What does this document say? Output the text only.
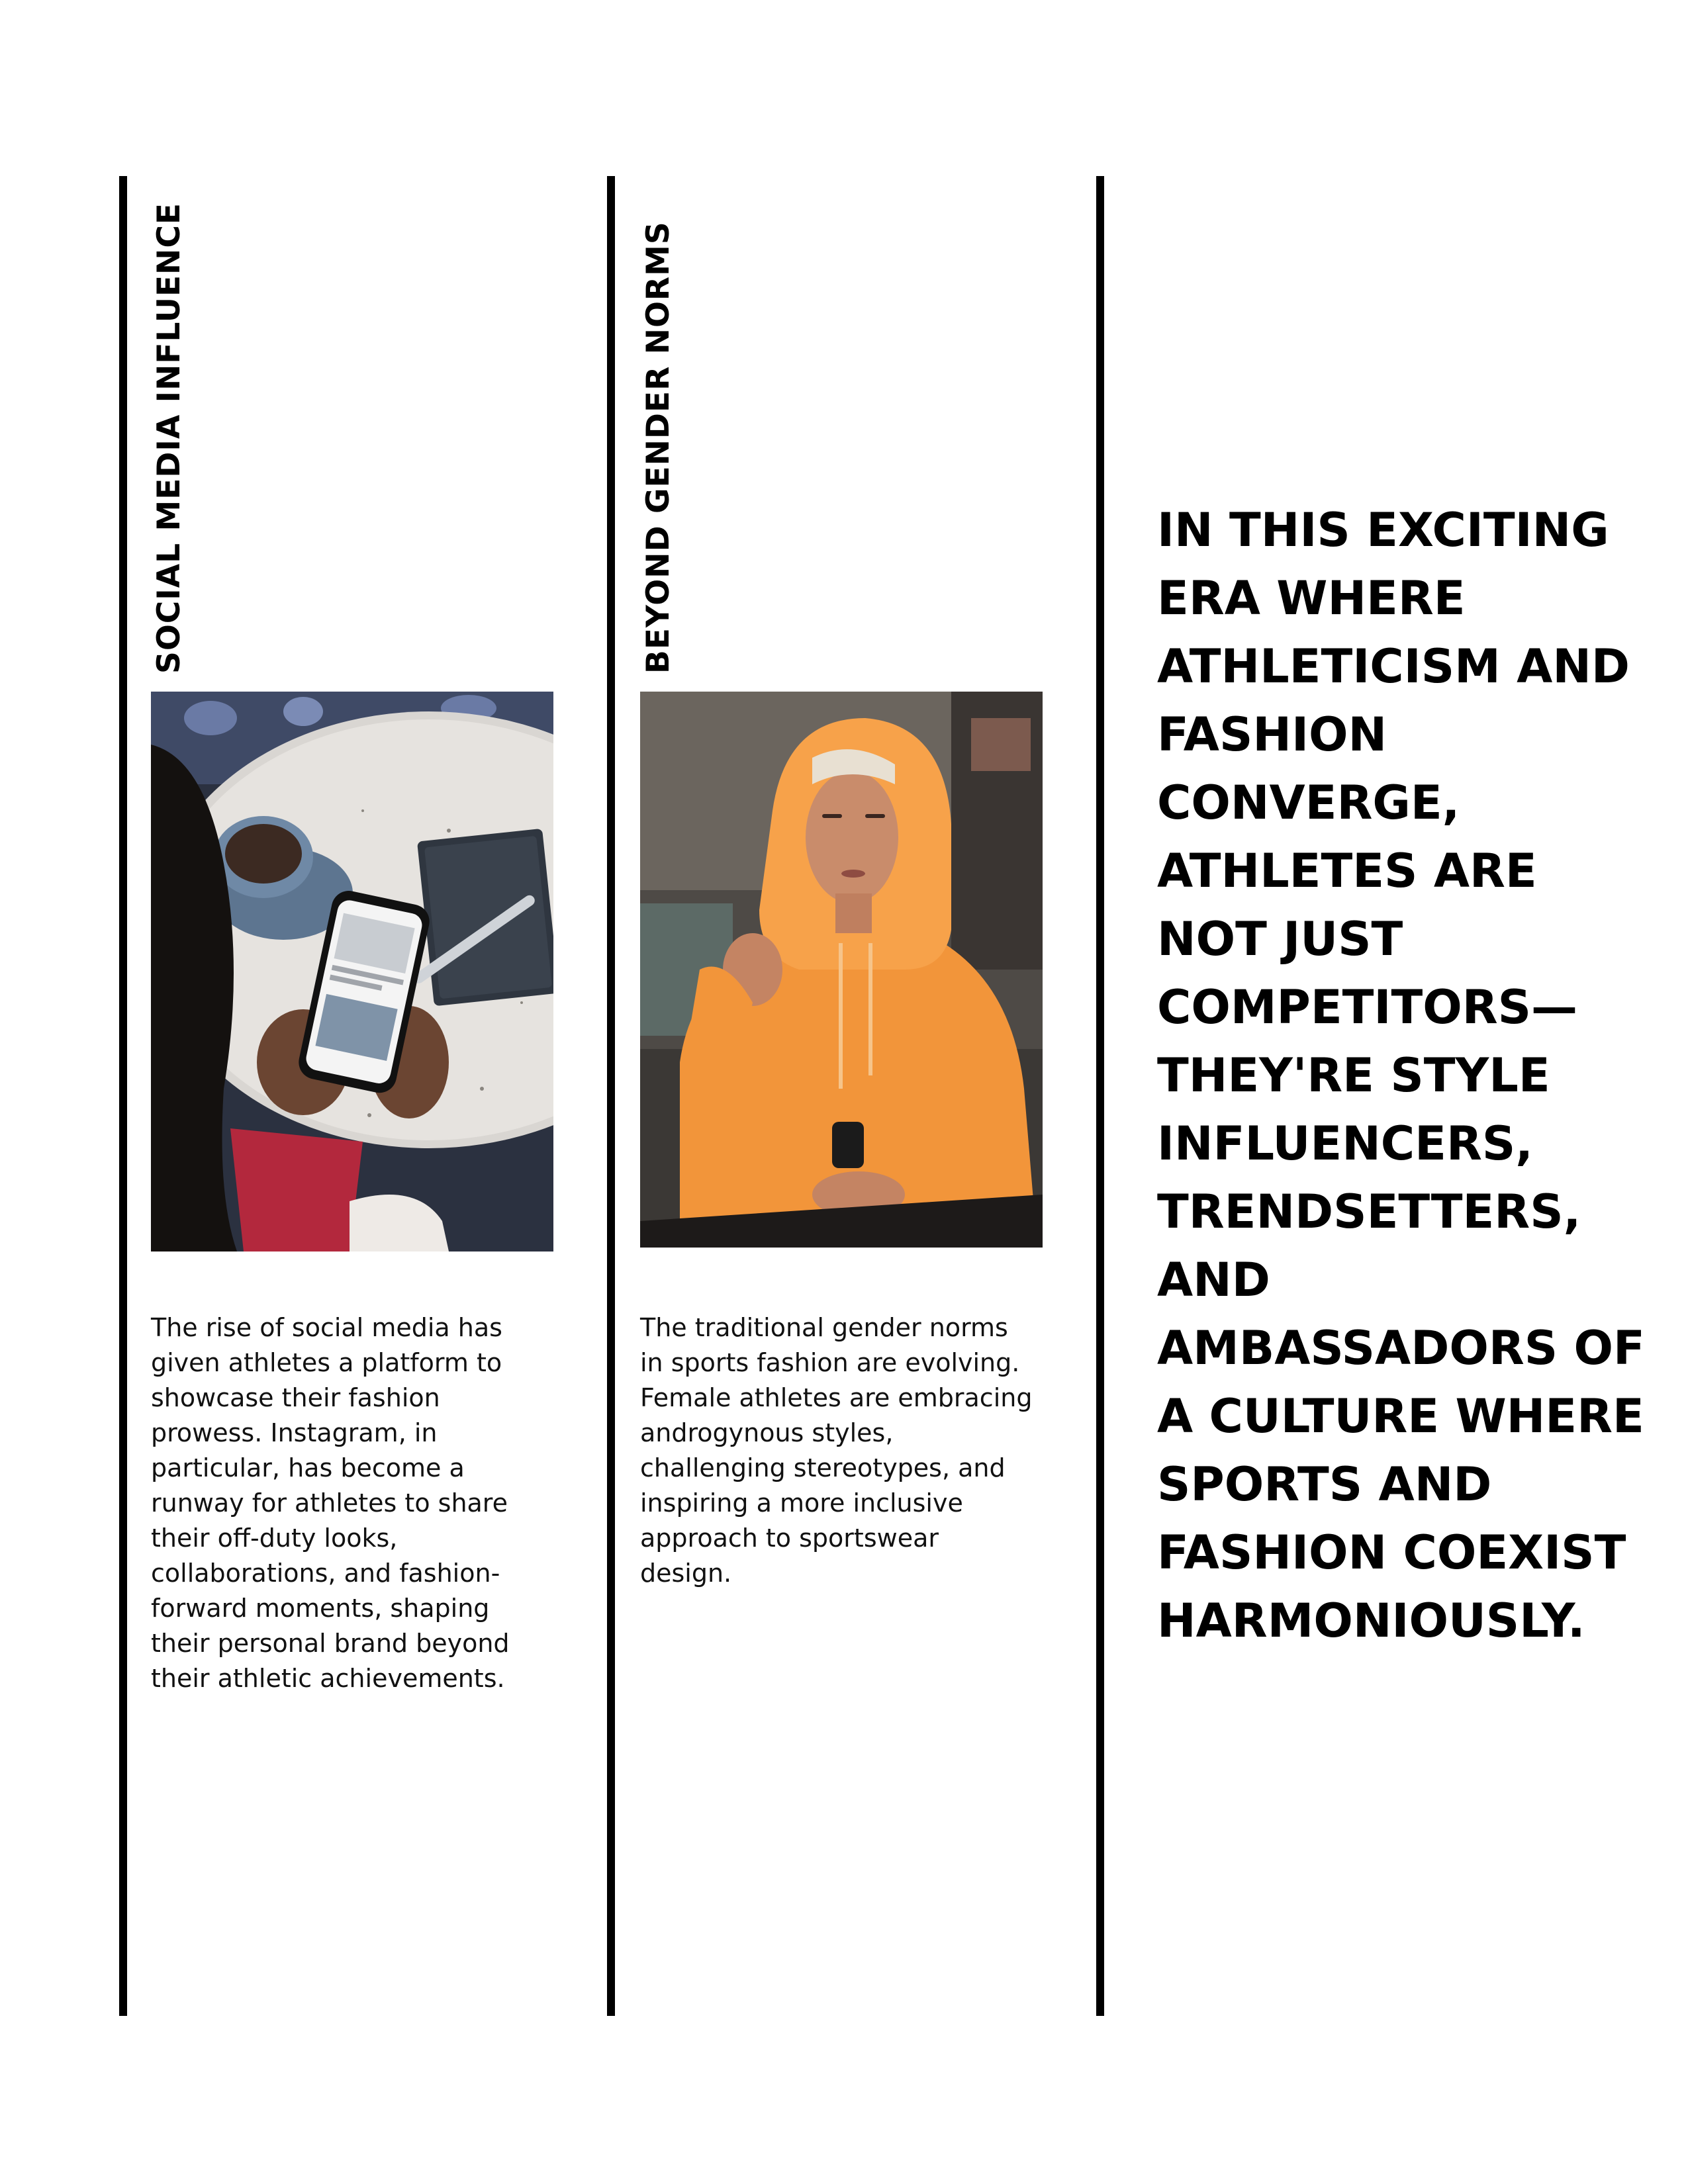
SOCIAL MEDIA INFLUENCE
The rise of social media has given athletes a platform to showcase their fashion prowess. Instagram, in particular, has become a runway for athletes to share their off-duty looks, collaborations, and fashion-forward moments, shaping their personal brand beyond their athletic achievements.
BEYOND GENDER NORMS
The traditional gender norms in sports fashion are evolving. Female athletes are embracing androgynous styles, challenging stereotypes, and inspiring a more inclusive approach to sportswear design.
IN THIS EXCITING ERA WHERE ATHLETICISM AND FASHION CONVERGE, ATHLETES ARE NOT JUST COMPETITORS—THEY'RE STYLE INFLUENCERS, TRENDSETTERS, AND AMBASSADORS OF A CULTURE WHERE SPORTS AND FASHION COEXIST HARMONIOUSLY.
